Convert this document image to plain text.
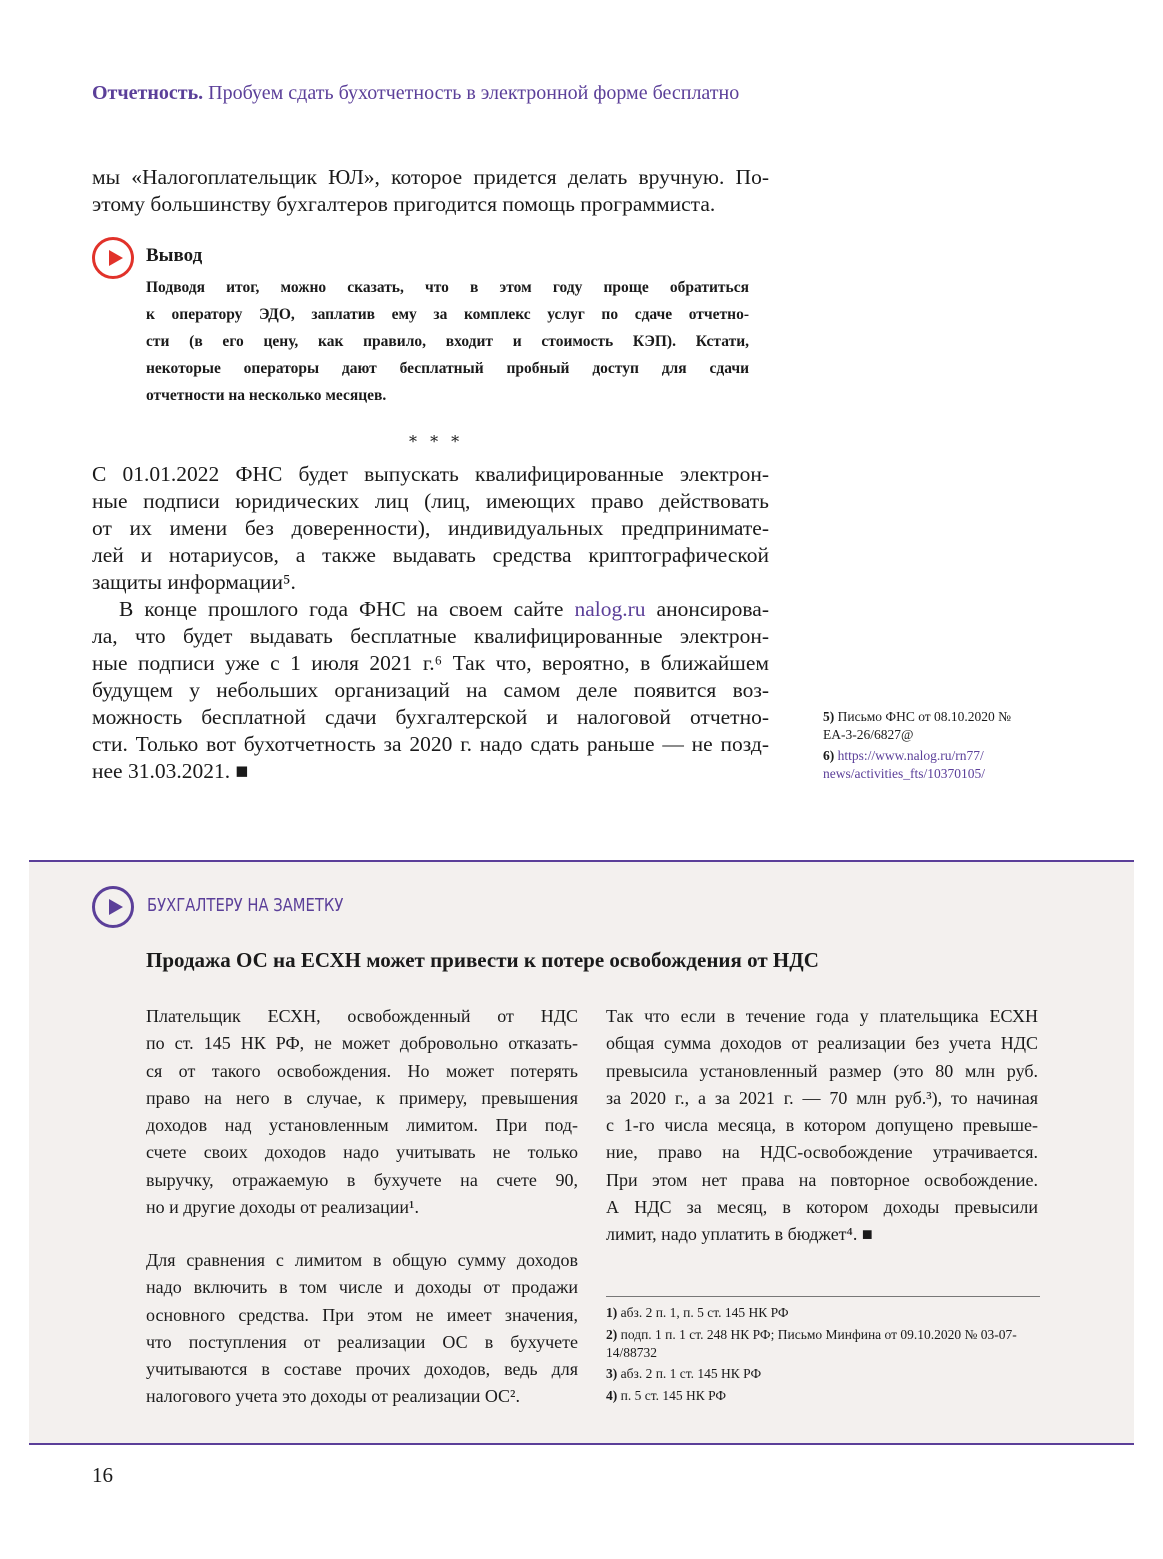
Отчетность. Пробуем сдать бухотчетность в электронной форме бесплатно
мы «Налогоплательщик ЮЛ», которое придется делать вручную. По-
этому большинству бухгалтеров пригодится помощь программиста.
Вывод
Подводя итог, можно сказать, что в этом году проще обратиться
к оператору ЭДО, заплатив ему за комплекс услуг по сдаче отчетно-
сти (в его цену, как правило, входит и стоимость КЭП). Кстати,
некоторые операторы дают бесплатный пробный доступ для сдачи
отчетности на несколько месяцев.
* * *
С 01.01.2022 ФНС будет выпускать квалифицированные электрон-
ные подписи юридических лиц (лиц, имеющих право действовать
от их имени без доверенности), индивидуальных предпринимате-
лей и нотариусов, а также выдавать средства криптографической
защиты информации⁵.
В конце прошлого года ФНС на своем сайте nalog.ru анонсирова-
ла, что будет выдавать бесплатные квалифицированные электрон-
ные подписи уже с 1 июля 2021 г.⁶ Так что, вероятно, в ближайшем
будущем у небольших организаций на самом деле появится воз-
можность бесплатной сдачи бухгалтерской и налоговой отчетно-
сти. Только вот бухотчетность за 2020 г. надо сдать раньше — не позд-
нее 31.03.2021. ■
5) Письмо ФНС от 08.10.2020 № ЕА-3-26/6827@
6) https://www.nalog.ru/rn77/ news/activities_fts/10370105/
БУХГАЛТЕРУ НА ЗАМЕТКУ
Продажа ОС на ЕСХН может привести к потере освобождения от НДС
Плательщик ЕСХН, освобожденный от НДС
по ст. 145 НК РФ, не может добровольно отказать-
ся от такого освобождения. Но может потерять
право на него в случае, к примеру, превышения
доходов над установленным лимитом. При под-
счете своих доходов надо учитывать не только
выручку, отражаемую в бухучете на счете 90,
но и другие доходы от реализации¹.
Для сравнения с лимитом в общую сумму доходов
надо включить в том числе и доходы от продажи
основного средства. При этом не имеет значения,
что поступления от реализации ОС в бухучете
учитываются в составе прочих доходов, ведь для
налогового учета это доходы от реализации ОС².
Так что если в течение года у плательщика ЕСХН
общая сумма доходов от реализации без учета НДС
превысила установленный размер (это 80 млн руб.
за 2020 г., а за 2021 г. — 70 млн руб.³), то начиная
с 1-го числа месяца, в котором допущено превыше-
ние, право на НДС-освобождение утрачивается.
При этом нет права на повторное освобождение.
А НДС за месяц, в котором доходы превысили
лимит, надо уплатить в бюджет⁴. ■
1) абз. 2 п. 1, п. 5 ст. 145 НК РФ
2) подп. 1 п. 1 ст. 248 НК РФ; Письмо Минфина от 09.10.2020 № 03-07-14/88732
3) абз. 2 п. 1 ст. 145 НК РФ
4) п. 5 ст. 145 НК РФ
16
